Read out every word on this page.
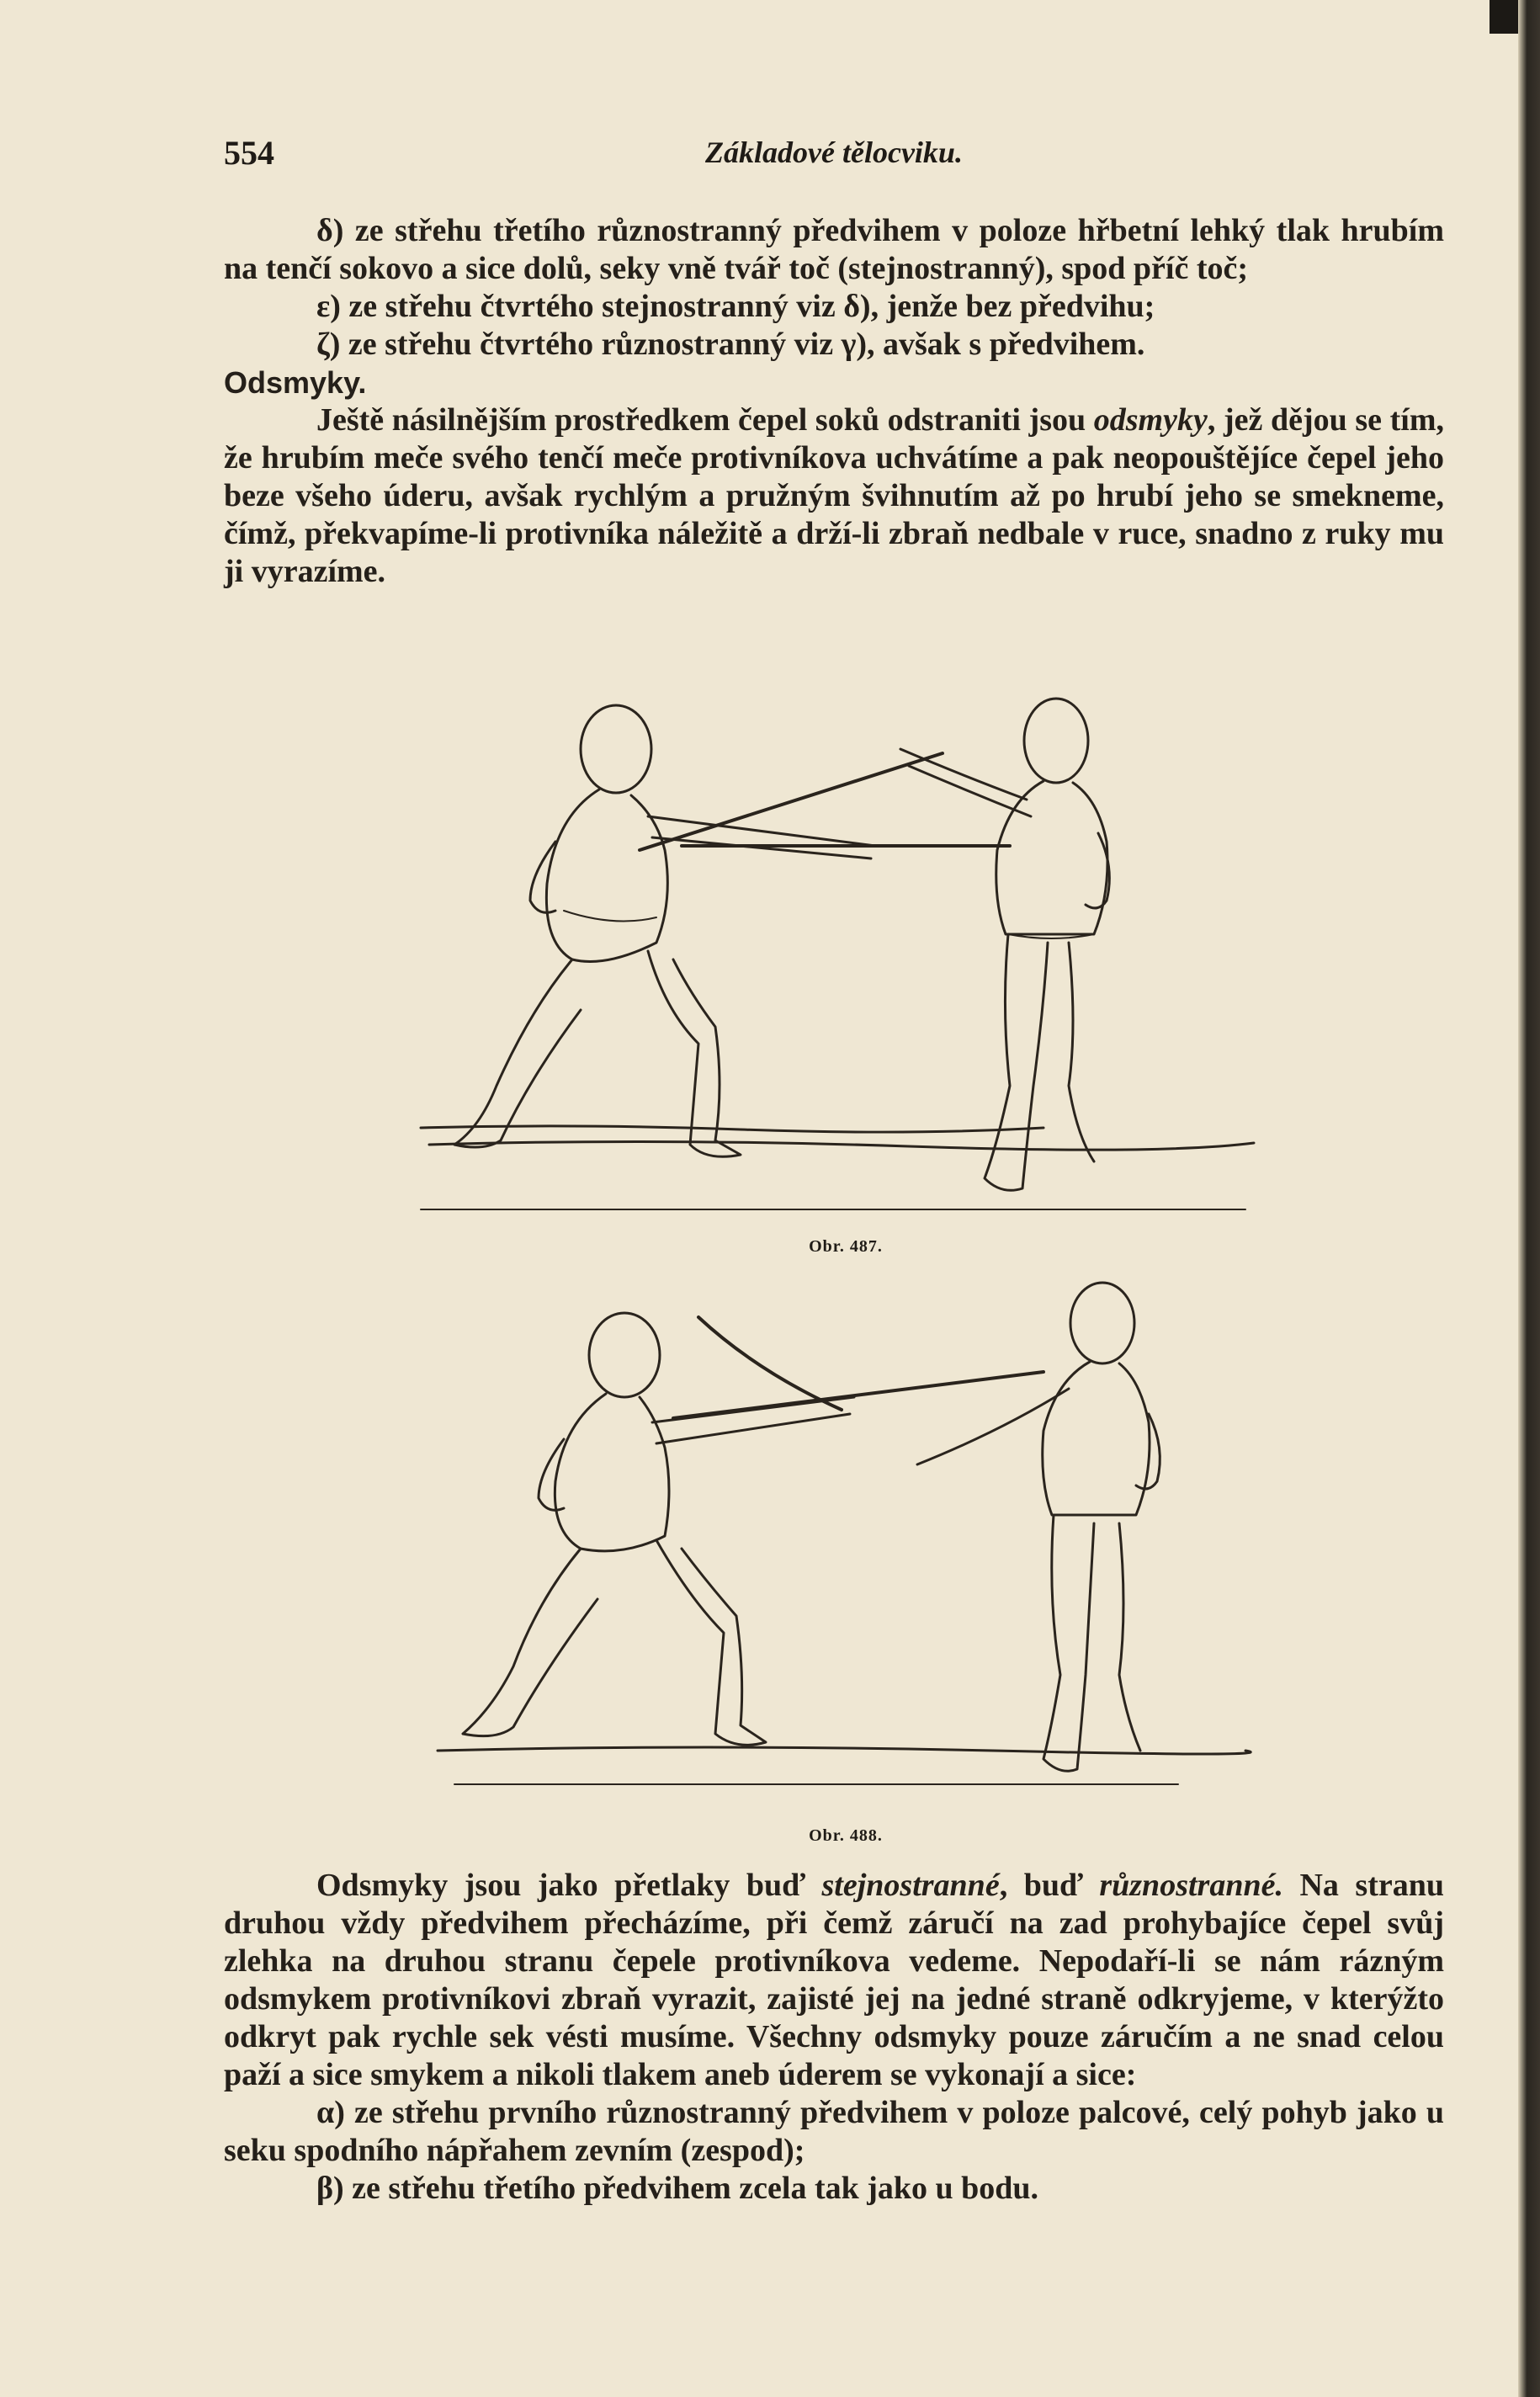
554	Základové tělocviku.

δ) ze střehu třetího různostranný předvihem v poloze hřbetní lehký tlak hrubím na tenčí sokovo a sice dolů, seky vně tvář toč (stejnostranný), spod příč toč;

ε) ze střehu čtvrtého stejnostranný viz δ), jenže bez předvihu;

ζ) ze střehu čtvrtého různostranný viz γ), avšak s předvihem.

Odsmyky.

Ještě násilnějším prostředkem čepel soků odstraniti jsou odsmyky, jež dějou se tím, že hrubím meče svého tenčí meče protivníkova uchvátíme a pak neopouštějíce čepel jeho beze všeho úderu, avšak rychlým a pružným švihnutím až po hrubí jeho se smekneme, čímž, překvapíme-li protivníka náležitě a drží-li zbraň nedbale v ruce, snadno z ruky mu ji vyrazíme.

Obr. 487.
Obr. 488.

Odsmyky jsou jako přetlaky buď stejnostranné, buď různostranné. Na stranu druhou vždy předvihem přecházíme, při čemž záručí na zad prohybajíce čepel svůj zlehka na druhou stranu čepele protivníkova vedeme. Nepodaří-li se nám rázným odsmykem protivníkovi zbraň vyrazit, zajisté jej na jedné straně odkryjeme, v kterýžto odkryt pak rychle sek vésti musíme. Všechny odsmyky pouze záručím a ne snad celou paží a sice smykem a nikoli tlakem aneb úderem se vykonají a sice:

α) ze střehu prvního různostranný předvihem v poloze palcové, celý pohyb jako u seku spodního nápřahem zevním (zespod);

β) ze střehu třetího předvihem zcela tak jako u bodu.
